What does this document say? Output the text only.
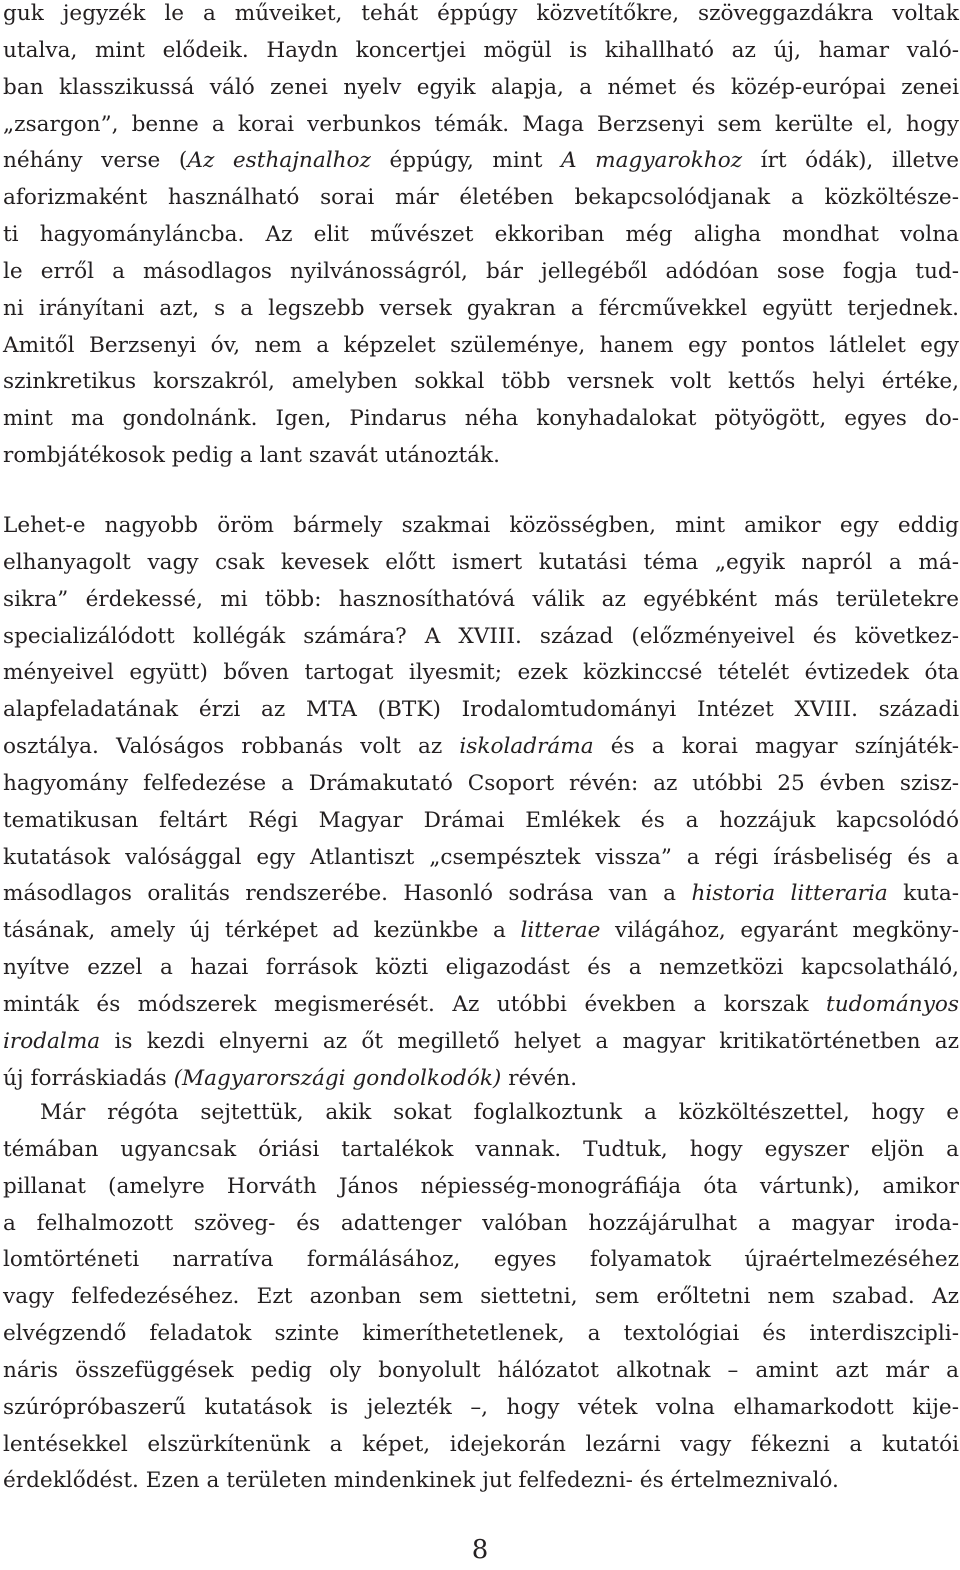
guk jegyzék le a műveiket, tehát éppúgy közvetítőkre, szöveggazdákra voltak
utalva, mint elődeik. Haydn koncertjei mögül is kihallható az új, hamar való-
ban klasszikussá váló zenei nyelv egyik alapja, a német és közép-európai zenei
„zsargon”, benne a korai verbunkos témák. Maga Berzsenyi sem kerülte el, hogy
néhány verse (Az esthajnalhoz éppúgy, mint A magyarokhoz írt ódák), illetve
aforizmaként használható sorai már életében bekapcsolódjanak a közköltésze-
ti hagyományláncba. Az elit művészet ekkoriban még aligha mondhat volna
le erről a másodlagos nyilvánosságról, bár jellegéből adódóan sose fogja tud-
ni irányítani azt, s a legszebb versek gyakran a fércművekkel együtt terjednek.
Amitől Berzsenyi óv, nem a képzelet szüleménye, hanem egy pontos látlelet egy
szinkretikus korszakról, amelyben sokkal több versnek volt kettős helyi értéke,
mint ma gondolnánk. Igen, Pindarus néha konyhadalokat pötyögött, egyes do-
rombjátékosok pedig a lant szavát utánozták.
Lehet-e nagyobb öröm bármely szakmai közösségben, mint amikor egy eddig
elhanyagolt vagy csak kevesek előtt ismert kutatási téma „egyik napról a má-
sikra” érdekessé, mi több: hasznosíthatóvá válik az egyébként más területekre
specializálódott kollégák számára? A XVIII. század (előzményeivel és következ-
ményeivel együtt) bőven tartogat ilyesmit; ezek közkinccsé tételét évtizedek óta
alapfeladatának érzi az MTA (BTK) Irodalomtudományi Intézet XVIII. századi
osztálya. Valóságos robbanás volt az iskoladráma és a korai magyar színjáték-
hagyomány felfedezése a Drámakutató Csoport révén: az utóbbi 25 évben szisz-
tematikusan feltárt Régi Magyar Drámai Emlékek és a hozzájuk kapcsolódó
kutatások valósággal egy Atlantiszt „csempésztek vissza” a régi írásbeliség és a
másodlagos oralitás rendszerébe. Hasonló sodrása van a historia litteraria kuta-
tásának, amely új térképet ad kezünkbe a litterae világához, egyaránt megköny-
nyítve ezzel a hazai források közti eligazodást és a nemzetközi kapcsolatháló,
minták és módszerek megismerését. Az utóbbi években a korszak tudományos
irodalma is kezdi elnyerni az őt megillető helyet a magyar kritikatörténetben az
új forráskiadás (Magyarországi gondolkodók) révén.
Már régóta sejtettük, akik sokat foglalkoztunk a közköltészettel, hogy e
témában ugyancsak óriási tartalékok vannak. Tudtuk, hogy egyszer eljön a
pillanat (amelyre Horváth János népiesség-monográfiája óta vártunk), amikor
a felhalmozott szöveg- és adattenger valóban hozzájárulhat a magyar iroda-
lomtörténeti narratíva formálásához, egyes folyamatok újraértelmezéséhez
vagy felfedezéséhez. Ezt azonban sem siettetni, sem erőltetni nem szabad. Az
elvégzendő feladatok szinte kimeríthetetlenek, a textológiai és interdiszcipli-
náris összefüggések pedig oly bonyolult hálózatot alkotnak – amint azt már a
szúrópróbaszerű kutatások is jelezték –, hogy vétek volna elhamarkodott kije-
lentésekkel elszürkítenünk a képet, idejekorán lezárni vagy fékezni a kutatói
érdeklődést. Ezen a területen mindenkinek jut felfedezni- és értelmeznivaló.
8
